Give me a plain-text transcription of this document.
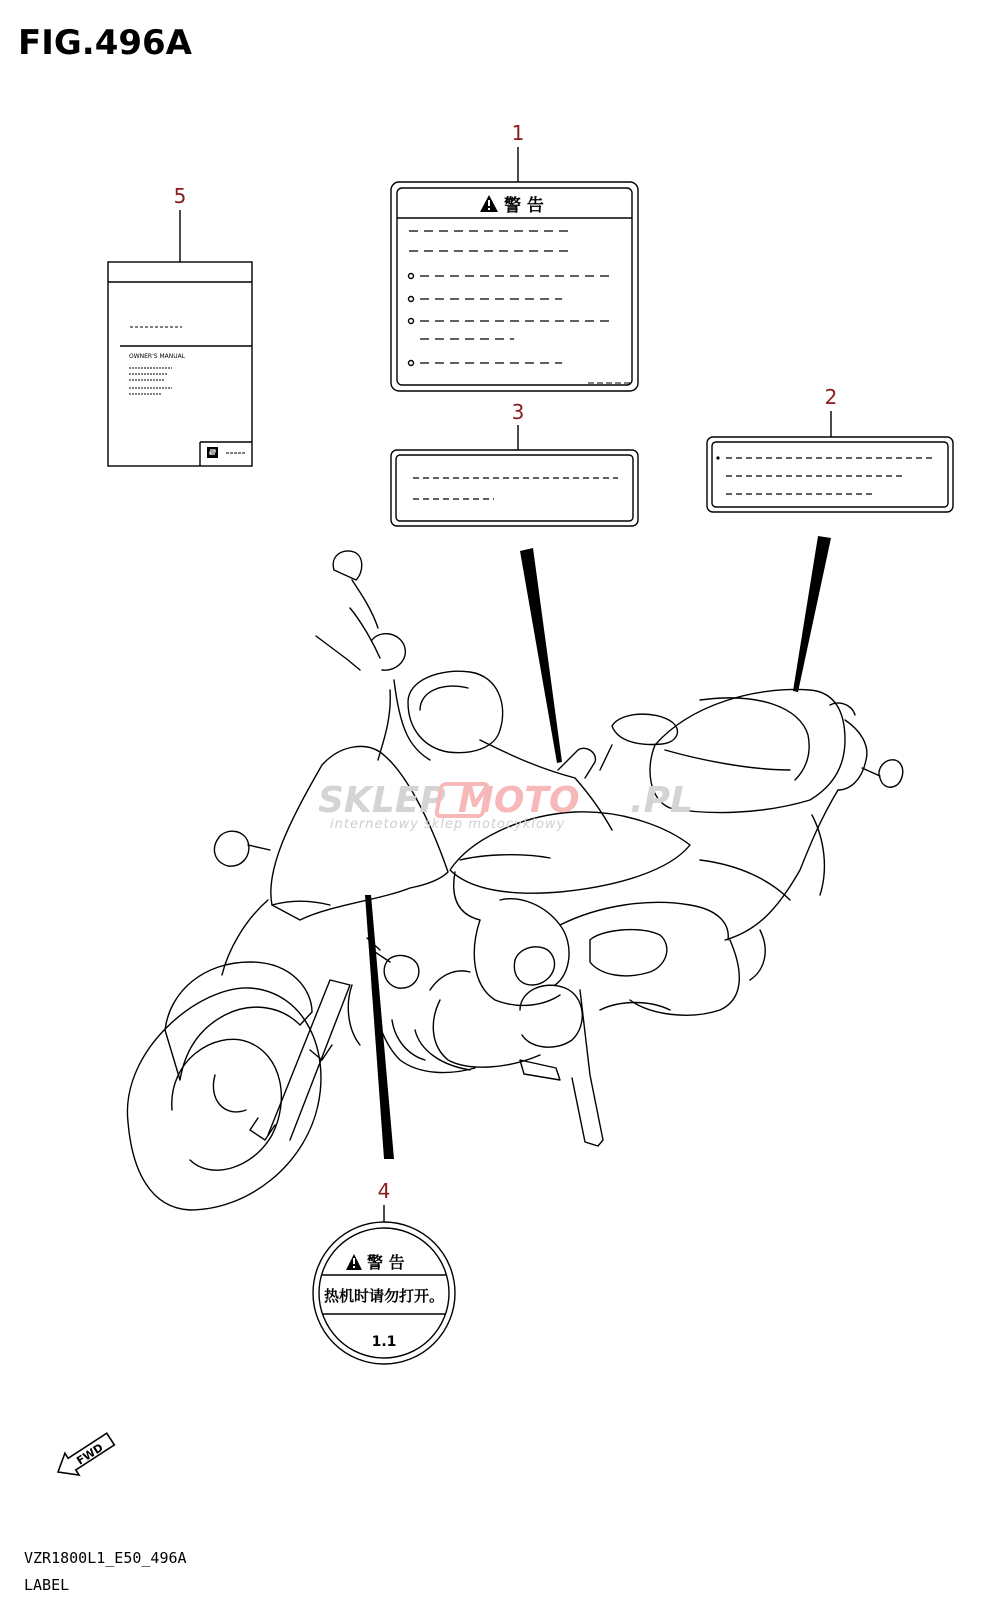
FIG.496A
5
OWNER'S MANUAL
1
警 告
3
2
SKLEP MOTO .PL
internetowy sklep motocyklowy
4
警 告
热机时请勿打开。
1.1
FWD
VZR1800L1_E50_496A
LABEL
